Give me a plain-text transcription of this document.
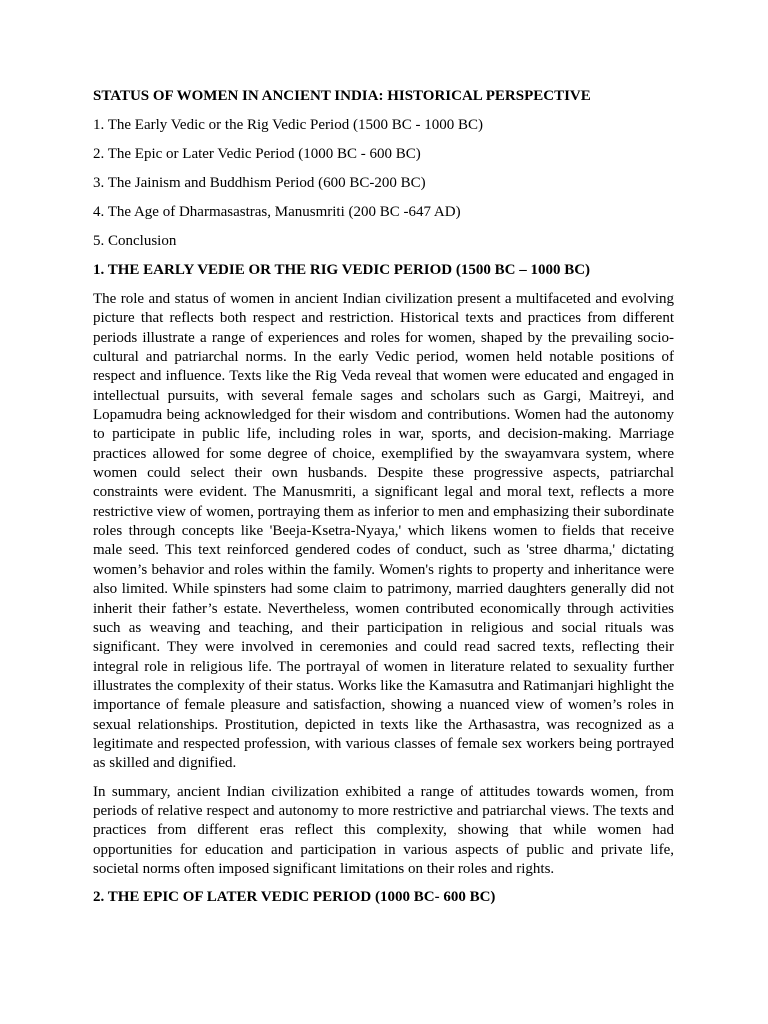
STATUS OF WOMEN IN ANCIENT INDIA: HISTORICAL PERSPECTIVE
1. The Early Vedic or the Rig Vedic Period (1500 BC - 1000 BC)
2. The Epic or Later Vedic Period (1000 BC - 600 BC)
3. The Jainism and Buddhism Period (600 BC-200 BC)
4. The Age of Dharmasastras, Manusmriti (200 BC -647 AD)
5. Conclusion
1. THE EARLY VEDIE OR THE RIG VEDIC PERIOD (1500 BC – 1000 BC)

The role and status of women in ancient Indian civilization present a multifaceted and evolving picture that reflects both respect and restriction. Historical texts and practices from different periods illustrate a range of experiences and roles for women, shaped by the prevailing socio-cultural and patriarchal norms. In the early Vedic period, women held notable positions of respect and influence. Texts like the Rig Veda reveal that women were educated and engaged in intellectual pursuits, with several female sages and scholars such as Gargi, Maitreyi, and Lopamudra being acknowledged for their wisdom and contributions. Women had the autonomy to participate in public life, including roles in war, sports, and decision-making. Marriage practices allowed for some degree of choice, exemplified by the swayamvara system, where women could select their own husbands. Despite these progressive aspects, patriarchal constraints were evident. The Manusmriti, a significant legal and moral text, reflects a more restrictive view of women, portraying them as inferior to men and emphasizing their subordinate roles through concepts like 'Beeja-Ksetra-Nyaya,' which likens women to fields that receive male seed. This text reinforced gendered codes of conduct, such as 'stree dharma,' dictating women’s behavior and roles within the family. Women's rights to property and inheritance were also limited. While spinsters had some claim to patrimony, married daughters generally did not inherit their father’s estate. Nevertheless, women contributed economically through activities such as weaving and teaching, and their participation in religious and social rituals was significant. They were involved in ceremonies and could read sacred texts, reflecting their integral role in religious life. The portrayal of women in literature related to sexuality further illustrates the complexity of their status. Works like the Kamasutra and Ratimanjari highlight the importance of female pleasure and satisfaction, showing a nuanced view of women’s roles in sexual relationships. Prostitution, depicted in texts like the Arthasastra, was recognized as a legitimate and respected profession, with various classes of female sex workers being portrayed as skilled and dignified.

In summary, ancient Indian civilization exhibited a range of attitudes towards women, from periods of relative respect and autonomy to more restrictive and patriarchal views. The texts and practices from different eras reflect this complexity, showing that while women had opportunities for education and participation in various aspects of public and private life, societal norms often imposed significant limitations on their roles and rights.

2. THE EPIC OF LATER VEDIC PERIOD (1000 BC- 600 BC)
